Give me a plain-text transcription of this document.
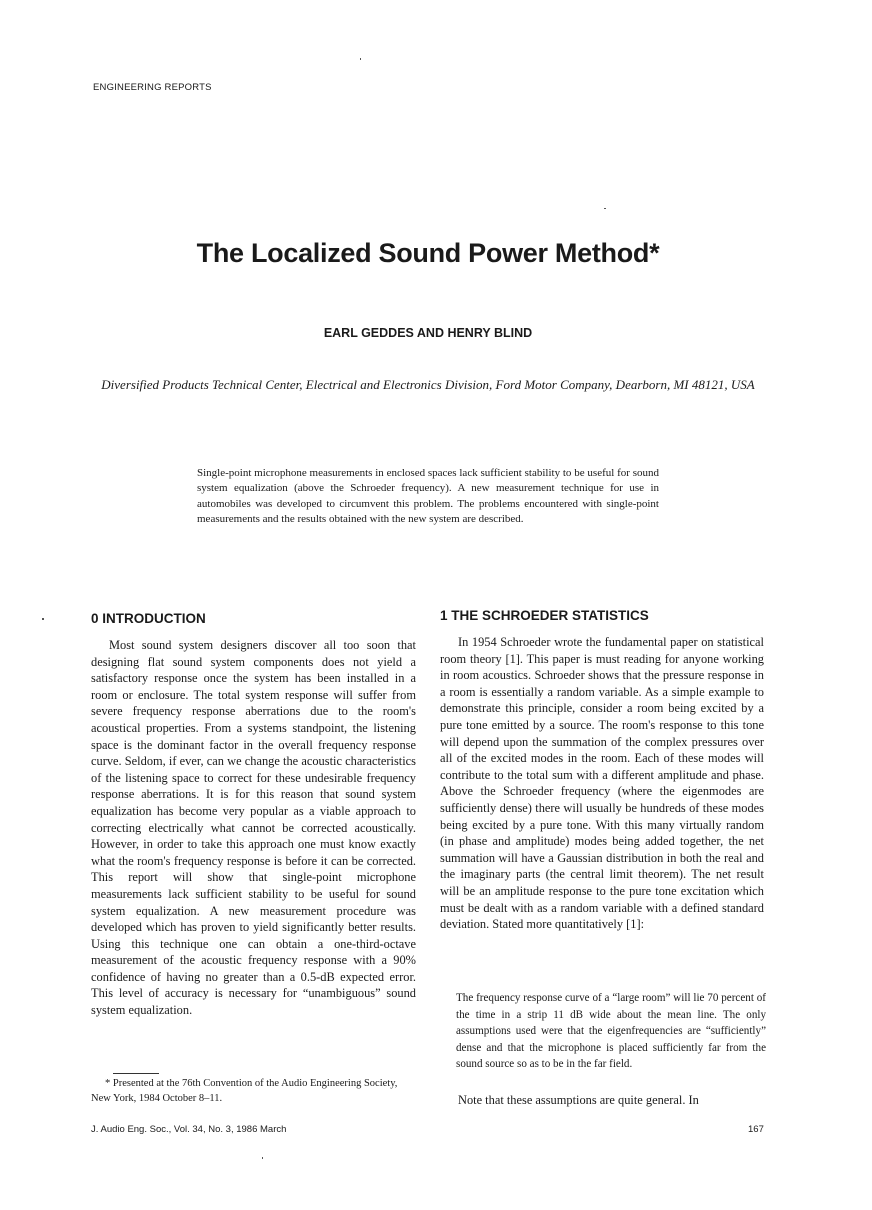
ENGINEERING REPORTS
The Localized Sound Power Method*
EARL GEDDES AND HENRY BLIND
Diversified Products Technical Center, Electrical and Electronics Division, Ford Motor Company, Dearborn, MI 48121, USA
Single-point microphone measurements in enclosed spaces lack sufficient stability to be useful for sound system equalization (above the Schroeder frequency). A new measurement technique for use in automobiles was developed to circumvent this problem. The problems encountered with single-point measurements and the results obtained with the new system are described.
0 INTRODUCTION

Most sound system designers discover all too soon that designing flat sound system components does not yield a satisfactory response once the system has been installed in a room or enclosure. The total system response will suffer from severe frequency response aberrations due to the room's acoustical properties. From a systems standpoint, the listening space is the dominant factor in the overall frequency response curve. Seldom, if ever, can we change the acoustic characteristics of the listening space to correct for these undesirable frequency response aberrations. It is for this reason that sound system equalization has become very popular as a viable approach to correcting electrically what cannot be corrected acoustically. However, in order to take this approach one must know exactly what the room's frequency response is before it can be corrected. This report will show that single-point microphone measurements lack sufficient stability to be useful for sound system equalization. A new measurement procedure was developed which has proven to yield significantly better results. Using this technique one can obtain a one-third-octave measurement of the acoustic frequency response with a 90% confidence of having no greater than a 0.5-dB expected error. This level of accuracy is necessary for “unambiguous” sound system equalization.

* Presented at the 76th Convention of the Audio Engineering Society, New York, 1984 October 8–11.
1 THE SCHROEDER STATISTICS

In 1954 Schroeder wrote the fundamental paper on statistical room theory [1]. This paper is must reading for anyone working in room acoustics. Schroeder shows that the pressure response in a room is essentially a random variable. As a simple example to demonstrate this principle, consider a room being excited by a pure tone emitted by a source. The room's response to this tone will depend upon the summation of the complex pressures over all of the excited modes in the room. Each of these modes will contribute to the total sum with a different amplitude and phase. Above the Schroeder frequency (where the eigenmodes are sufficiently dense) there will usually be hundreds of these modes being excited by a pure tone. With this many virtually random (in phase and amplitude) modes being added together, the net summation will have a Gaussian distribution in both the real and the imaginary parts (the central limit theorem). The net result will be an amplitude response to the pure tone excitation which must be dealt with as a random variable with a defined standard deviation. Stated more quantitatively [1]:

The frequency response curve of a “large room” will lie 70 percent of the time in a strip 11 dB wide about the mean line. The only assumptions used were that the eigenfrequencies are “sufficiently” dense and that the microphone is placed sufficiently far from the sound source so as to be in the far field.

Note that these assumptions are quite general. In

J. Audio Eng. Soc., Vol. 34, No. 3, 1986 March	167
